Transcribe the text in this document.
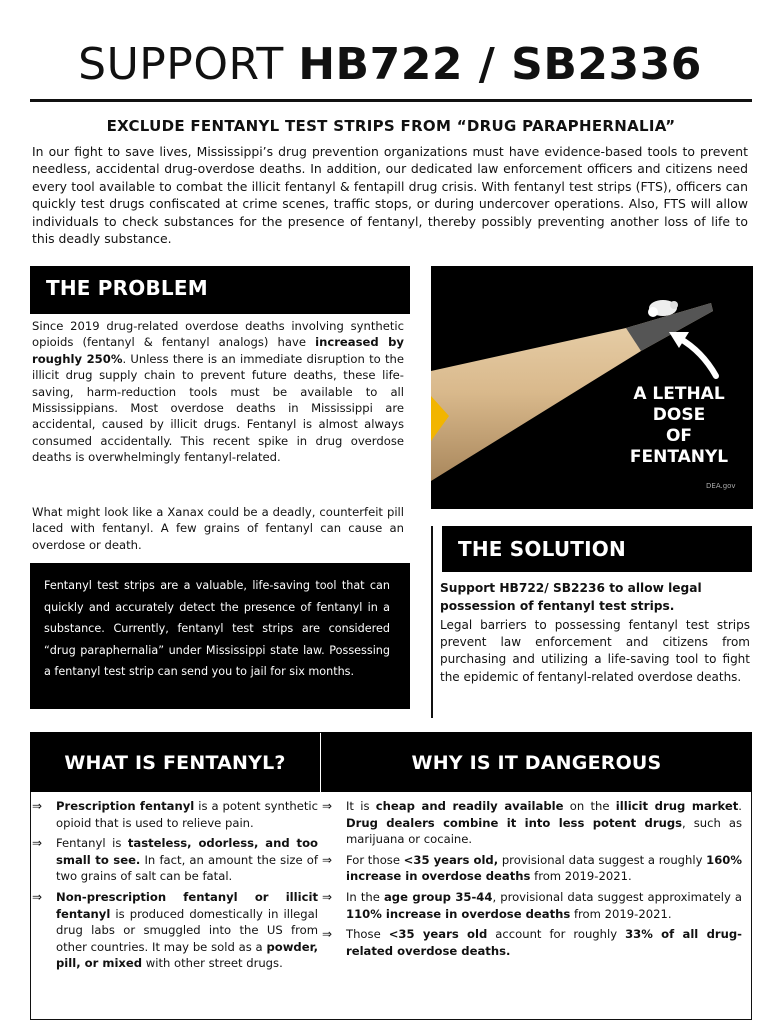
SUPPORT HB722 / SB2336
EXCLUDE FENTANYL TEST STRIPS FROM “DRUG PARAPHERNALIA”
In our fight to save lives, Mississippi’s drug prevention organizations must have evidence-based tools to prevent needless, accidental drug-overdose deaths. In addition, our dedicated law enforcement officers and citizens need every tool available to combat the illicit fentanyl & fentapill drug crisis. With fentanyl test strips (FTS), officers can quickly test drugs confiscated at crime scenes, traffic stops, or during undercover operations. Also, FTS will allow individuals to check substances for the presence of fentanyl, thereby possibly preventing another loss of life to this deadly substance.
THE PROBLEM
Since 2019 drug-related overdose deaths involving synthetic opioids (fentanyl & fentanyl analogs) have increased by roughly 250%. Unless there is an immediate disruption to the illicit drug supply chain to prevent future deaths, these life-saving, harm-reduction tools must be available to all Mississippians. Most overdose deaths in Mississippi are accidental, caused by illicit drugs. Fentanyl is almost always consumed accidentally. This recent spike in drug overdose deaths is overwhelmingly fentanyl-related.
What might look like a Xanax could be a deadly, counterfeit pill laced with fentanyl. A few grains of fentanyl can cause an overdose or death.
Fentanyl test strips are a valuable, life-saving tool that can quickly and accurately detect the presence of fentanyl in a substance. Currently, fentanyl test strips are considered “drug paraphernalia” under Mississippi state law. Possessing a fentanyl test strip can send you to jail for six months.
A LETHAL DOSE
OF FENTANYL
DEA.gov
THE SOLUTION
Support HB722/ SB2236 to allow legal possession of fentanyl test strips.
Legal barriers to possessing fentanyl test strips prevent law enforcement and citizens from purchasing and utilizing a life-saving tool to fight the epidemic of fentanyl-related overdose deaths.
WHAT IS FENTANYL?	WHY IS IT DANGEROUS
⇒ Prescription fentanyl is a potent synthetic opioid that is used to relieve pain.
⇒ Fentanyl is tasteless, odorless, and too small to see. In fact, an amount the size of two grains of salt can be fatal.
⇒ Non-prescription fentanyl or illicit fentanyl is produced domestically in illegal drug labs or smuggled into the US from other countries. It may be sold as a powder, pill, or mixed with other street drugs.
⇒ It is cheap and readily available on the illicit drug market. Drug dealers combine it into less potent drugs, such as marijuana or cocaine.
⇒ For those <35 years old, provisional data suggest a roughly 160% increase in overdose deaths from 2019-2021.
⇒ In the age group 35-44, provisional data suggest approximately a 110% increase in overdose deaths from 2019-2021.
⇒ Those <35 years old account for roughly 33% of all drug-related overdose deaths.
